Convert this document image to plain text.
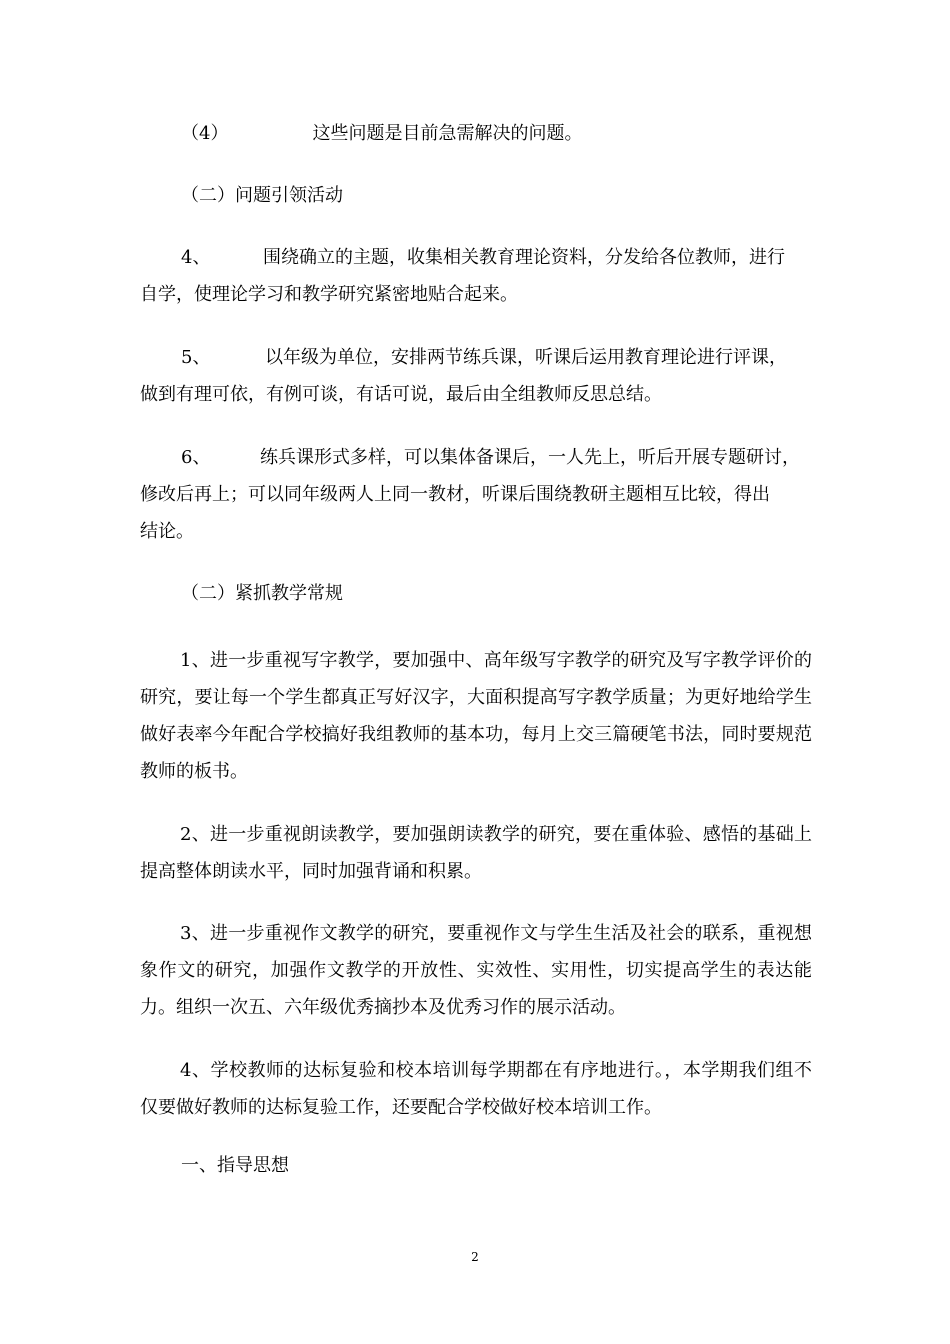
（4）	这些问题是目前急需解决的问题。
（二）问题引领活动
4、	围绕确立的主题，收集相关教育理论资料，分发给各位教师，进行
自学，使理论学习和教学研究紧密地贴合起来。
5、	以年级为单位，安排两节练兵课，听课后运用教育理论进行评课，
做到有理可依，有例可谈，有话可说，最后由全组教师反思总结。
6、	练兵课形式多样，可以集体备课后，一人先上，听后开展专题研讨，
修改后再上；可以同年级两人上同一教材，听课后围绕教研主题相互比较，得出
结论。
（二）紧抓教学常规
1、进一步重视写字教学，要加强中、高年级写字教学的研究及写字教学评价的研究，要让每一个学生都真正写好汉字，大面积提高写字教学质量；为更好地给学生做好表率今年配合学校搞好我组教师的基本功，每月上交三篇硬笔书法，同时要规范教师的板书。
2、进一步重视朗读教学，要加强朗读教学的研究，要在重体验、感悟的基础上提高整体朗读水平，同时加强背诵和积累。
3、进一步重视作文教学的研究，要重视作文与学生生活及社会的联系，重视想象作文的研究，加强作文教学的开放性、实效性、实用性，切实提高学生的表达能力。组织一次五、六年级优秀摘抄本及优秀习作的展示活动。
4、学校教师的达标复验和校本培训每学期都在有序地进行。，本学期我们组不仅要做好教师的达标复验工作，还要配合学校做好校本培训工作。
一、指导思想
2
